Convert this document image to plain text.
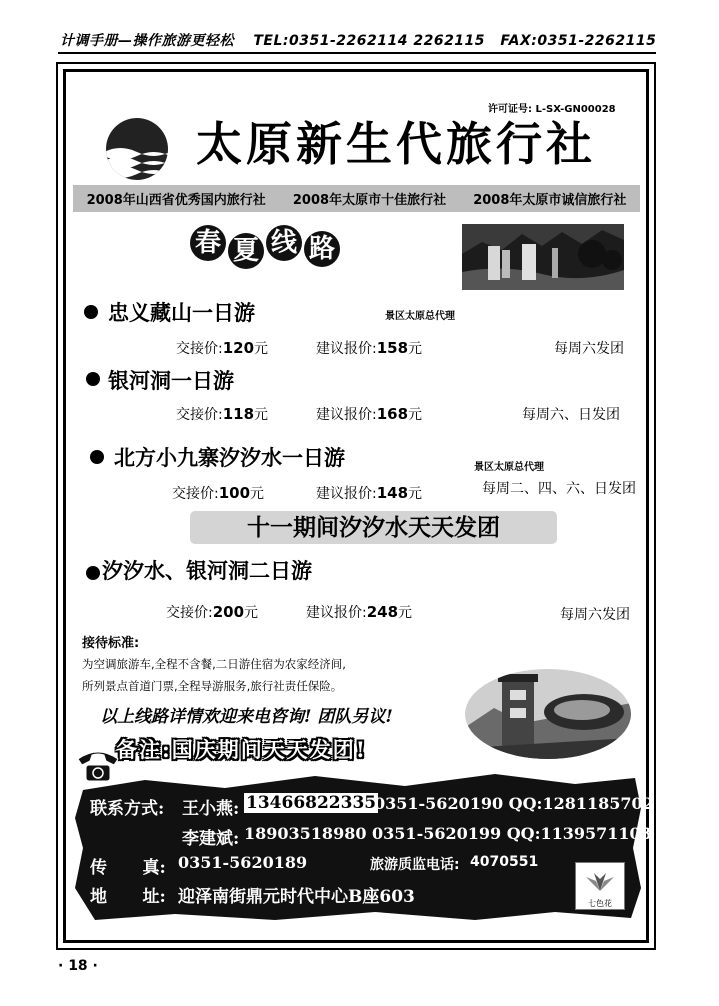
计调手册—操作旅游更轻松 TEL:0351-2262114 2262115 FAX:0351-2262115
许可证号: L-SX-GN00028
太原新生代旅行社
2008年山西省优秀国内旅行社 2008年太原市十佳旅行社 2008年太原市诚信旅行社
春 夏 线 路
忠义藏山一日游	景区太原总代理
交接价:120元	建议报价:158元	每周六发团
银河洞一日游
交接价:118元	建议报价:168元	每周六、日发团
北方小九寨汐汐水一日游	景区太原总代理
交接价:100元	建议报价:148元	每周二、四、六、日发团
十一期间汐汐水天天发团
汐汐水、银河洞二日游
交接价:200元	建议报价:248元	每周六发团
接待标准:
为空调旅游车,全程不含餐,二日游住宿为农家经济间,
所列景点首道门票,全程导游服务,旅行社责任保险。
以上线路详情欢迎来电咨询! 团队另议!
备注:国庆期间天天发团!
联系方式: 王小燕: 13466822335
0351-5620190 QQ:1281185702
李建斌: 18903518980 0351-5620199 QQ:1139571103
传      真: 0351-5620189	旅游质监电话: 4070551
地      址: 迎泽南街鼎元时代中心B座603	七色花
· 18 ·
